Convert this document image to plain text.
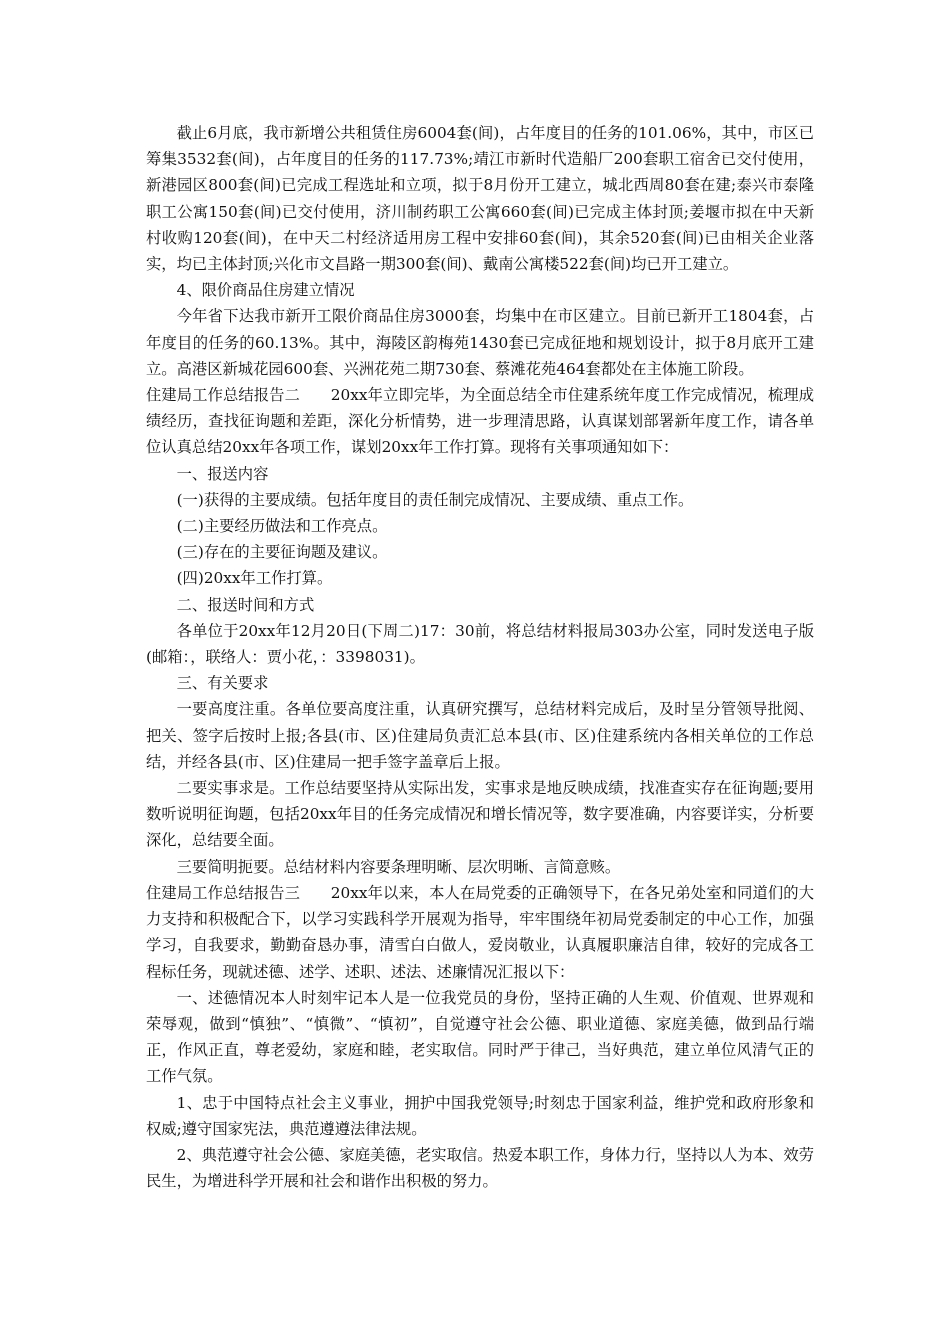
截止6月底，我市新增公共租赁住房6004套(间)，占年度目的任务的101.06%，其中，市区已筹集3532套(间)，占年度目的任务的117.73%;靖江市新时代造船厂200套职工宿舍已交付使用，新港园区800套(间)已完成工程选址和立项，拟于8月份开工建立，城北西周80套在建;泰兴市泰隆职工公寓150套(间)已交付使用，济川制药职工公寓660套(间)已完成主体封顶;姜堰市拟在中天新村收购120套(间)，在中天二村经济适用房工程中安排60套(间)，其余520套(间)已由相关企业落实，均已主体封顶;兴化市文昌路一期300套(间)、戴南公寓楼522套(间)均已开工建立。

4、限价商品住房建立情况

今年省下达我市新开工限价商品住房3000套，均集中在市区建立。目前已新开工1804套，占年度目的任务的60.13%。其中，海陵区韵梅苑1430套已完成征地和规划设计，拟于8月底开工建立。高港区新城花园600套、兴洲花苑二期730套、蔡滩花苑464套都处在主体施工阶段。

住建局工作总结报告二　　20xx年立即完毕，为全面总结全市住建系统年度工作完成情况，梳理成绩经历，查找征询题和差距，深化分析情势，进一步理清思路，认真谋划部署新年度工作，请各单位认真总结20xx年各项工作，谋划20xx年工作打算。现将有关事项通知如下：

一、报送内容

(一)获得的主要成绩。包括年度目的责任制完成情况、主要成绩、重点工作。

(二)主要经历做法和工作亮点。

(三)存在的主要征询题及建议。

(四)20xx年工作打算。

二、报送时间和方式

各单位于20xx年12月20日(下周二)17：30前，将总结材料报局303办公室，同时发送电子版(邮箱：，联络人：贾小花，：3398031)。

三、有关要求

一要高度注重。各单位要高度注重，认真研究撰写，总结材料完成后，及时呈分管领导批阅、把关、签字后按时上报;各县(市、区)住建局负责汇总本县(市、区)住建系统内各相关单位的工作总结，并经各县(市、区)住建局一把手签字盖章后上报。

二要实事求是。工作总结要坚持从实际出发，实事求是地反映成绩，找准查实存在征询题;要用数听说明征询题，包括20xx年目的任务完成情况和增长情况等，数字要准确，内容要详实，分析要深化，总结要全面。

三要简明扼要。总结材料内容要条理明晰、层次明晰、言简意赅。

住建局工作总结报告三　　20xx年以来，本人在局党委的正确领导下，在各兄弟处室和同道们的大力支持和积极配合下，以学习实践科学开展观为指导，牢牢围绕年初局党委制定的中心工作，加强学习，自我要求，勤勤奋恳办事，清雪白白做人，爱岗敬业，认真履职廉洁自律，较好的完成各工程标任务，现就述德、述学、述职、述法、述廉情况汇报以下：

一、述德情况本人时刻牢记本人是一位我党员的身份，坚持正确的人生观、价值观、世界观和荣辱观，做到“慎独”、“慎微”、“慎初”，自觉遵守社会公德、职业道德、家庭美德，做到品行端正，作风正直，尊老爱幼，家庭和睦，老实取信。同时严于律己，当好典范，建立单位风清气正的工作气氛。

1、忠于中国特点社会主义事业，拥护中国我党领导;时刻忠于国家利益，维护党和政府形象和权威;遵守国家宪法，典范遵遵法律法规。

2、典范遵守社会公德、家庭美德，老实取信。热爱本职工作，身体力行，坚持以人为本、效劳民生，为增进科学开展和社会和谐作出积极的努力。
